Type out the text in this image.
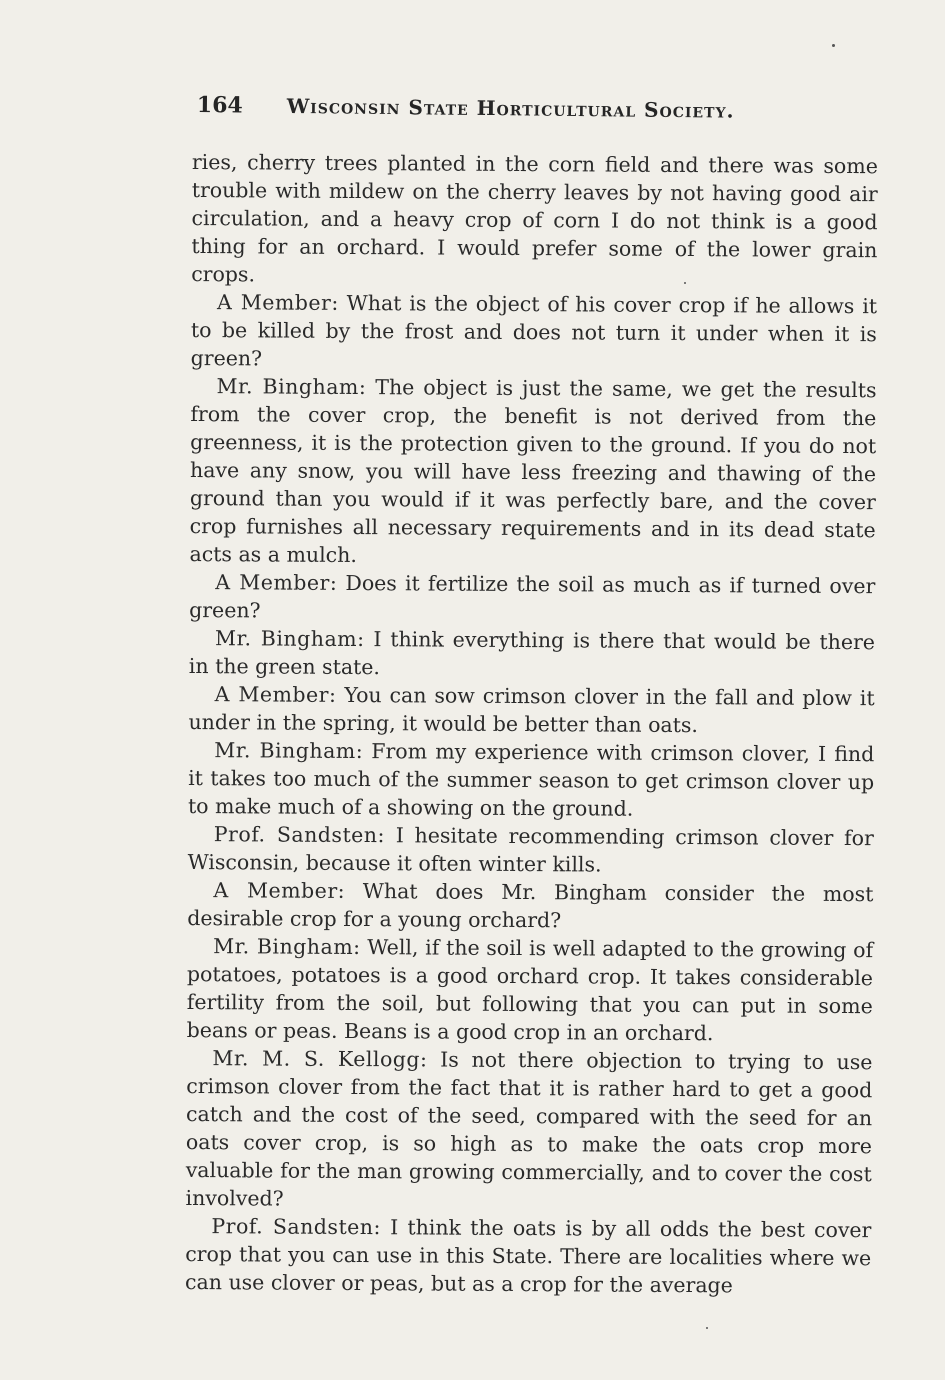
164 Wisconsin State Horticultural Society.

ries, cherry trees planted in the corn field and there was some trouble with mildew on the cherry leaves by not having good air circulation, and a heavy crop of corn I do not think is a good thing for an orchard. I would prefer some of the lower grain crops.

A Member: What is the object of his cover crop if he allows it to be killed by the frost and does not turn it under when it is green?

Mr. Bingham: The object is just the same, we get the results from the cover crop, the benefit is not derived from the greenness, it is the protection given to the ground. If you do not have any snow, you will have less freezing and thawing of the ground than you would if it was perfectly bare, and the cover crop furnishes all necessary requirements and in its dead state acts as a mulch.

A Member: Does it fertilize the soil as much as if turned over green?

Mr. Bingham: I think everything is there that would be there in the green state.

A Member: You can sow crimson clover in the fall and plow it under in the spring, it would be better than oats.

Mr. Bingham: From my experience with crimson clover, I find it takes too much of the summer season to get crimson clover up to make much of a showing on the ground.

Prof. Sandsten: I hesitate recommending crimson clover for Wisconsin, because it often winter kills.

A Member: What does Mr. Bingham consider the most desirable crop for a young orchard?

Mr. Bingham: Well, if the soil is well adapted to the growing of potatoes, potatoes is a good orchard crop. It takes considerable fertility from the soil, but following that you can put in some beans or peas. Beans is a good crop in an orchard.

Mr. M. S. Kellogg: Is not there objection to trying to use crimson clover from the fact that it is rather hard to get a good catch and the cost of the seed, compared with the seed for an oats cover crop, is so high as to make the oats crop more valuable for the man growing commercially, and to cover the cost involved?

Prof. Sandsten: I think the oats is by all odds the best cover crop that you can use in this State. There are localities where we can use clover or peas, but as a crop for the average
